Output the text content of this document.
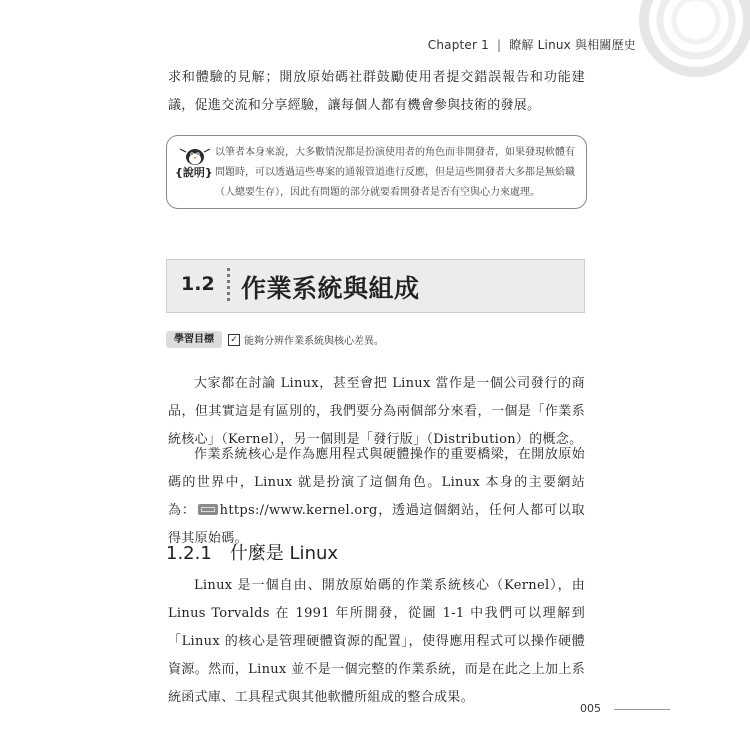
Chapter 1 | 瞭解 Linux 與相關歷史
求和體驗的見解；開放原始碼社群鼓勵使用者提交錯誤報告和功能建議，促進交流和分享經驗，讓每個人都有機會參與技術的發展。
{說明}
以筆者本身來說，大多數情況都是扮演使用者的角色而非開發者，如果發現軟體有問題時，可以透過這些專案的通報管道進行反應，但是這些開發者大多都是無給職（人總要生存），因此有問題的部分就要看開發者是否有空與心力來處理。
1.2 作業系統與組成
學習目標	✓ 能夠分辨作業系統與核心差異。
大家都在討論 Linux，甚至會把 Linux 當作是一個公司發行的商品，但其實這是有區別的，我們要分為兩個部分來看，一個是「作業系統核心」（Kernel），另一個則是「發行版」（Distribution）的概念。
作業系統核心是作為應用程式與硬體操作的重要橋梁，在開放原始碼的世界中，Linux 就是扮演了這個角色。Linux 本身的主要網站為： https://www.kernel.org，透過這個網站，任何人都可以取得其原始碼。
1.2.1 什麼是 Linux
Linux 是一個自由、開放原始碼的作業系統核心（Kernel），由 Linus Torvalds 在 1991 年所開發，從圖 1-1 中我們可以理解到「Linux 的核心是管理硬體資源的配置」，使得應用程式可以操作硬體資源。然而，Linux 並不是一個完整的作業系統，而是在此之上加上系統函式庫、工具程式與其他軟體所組成的整合成果。
005
